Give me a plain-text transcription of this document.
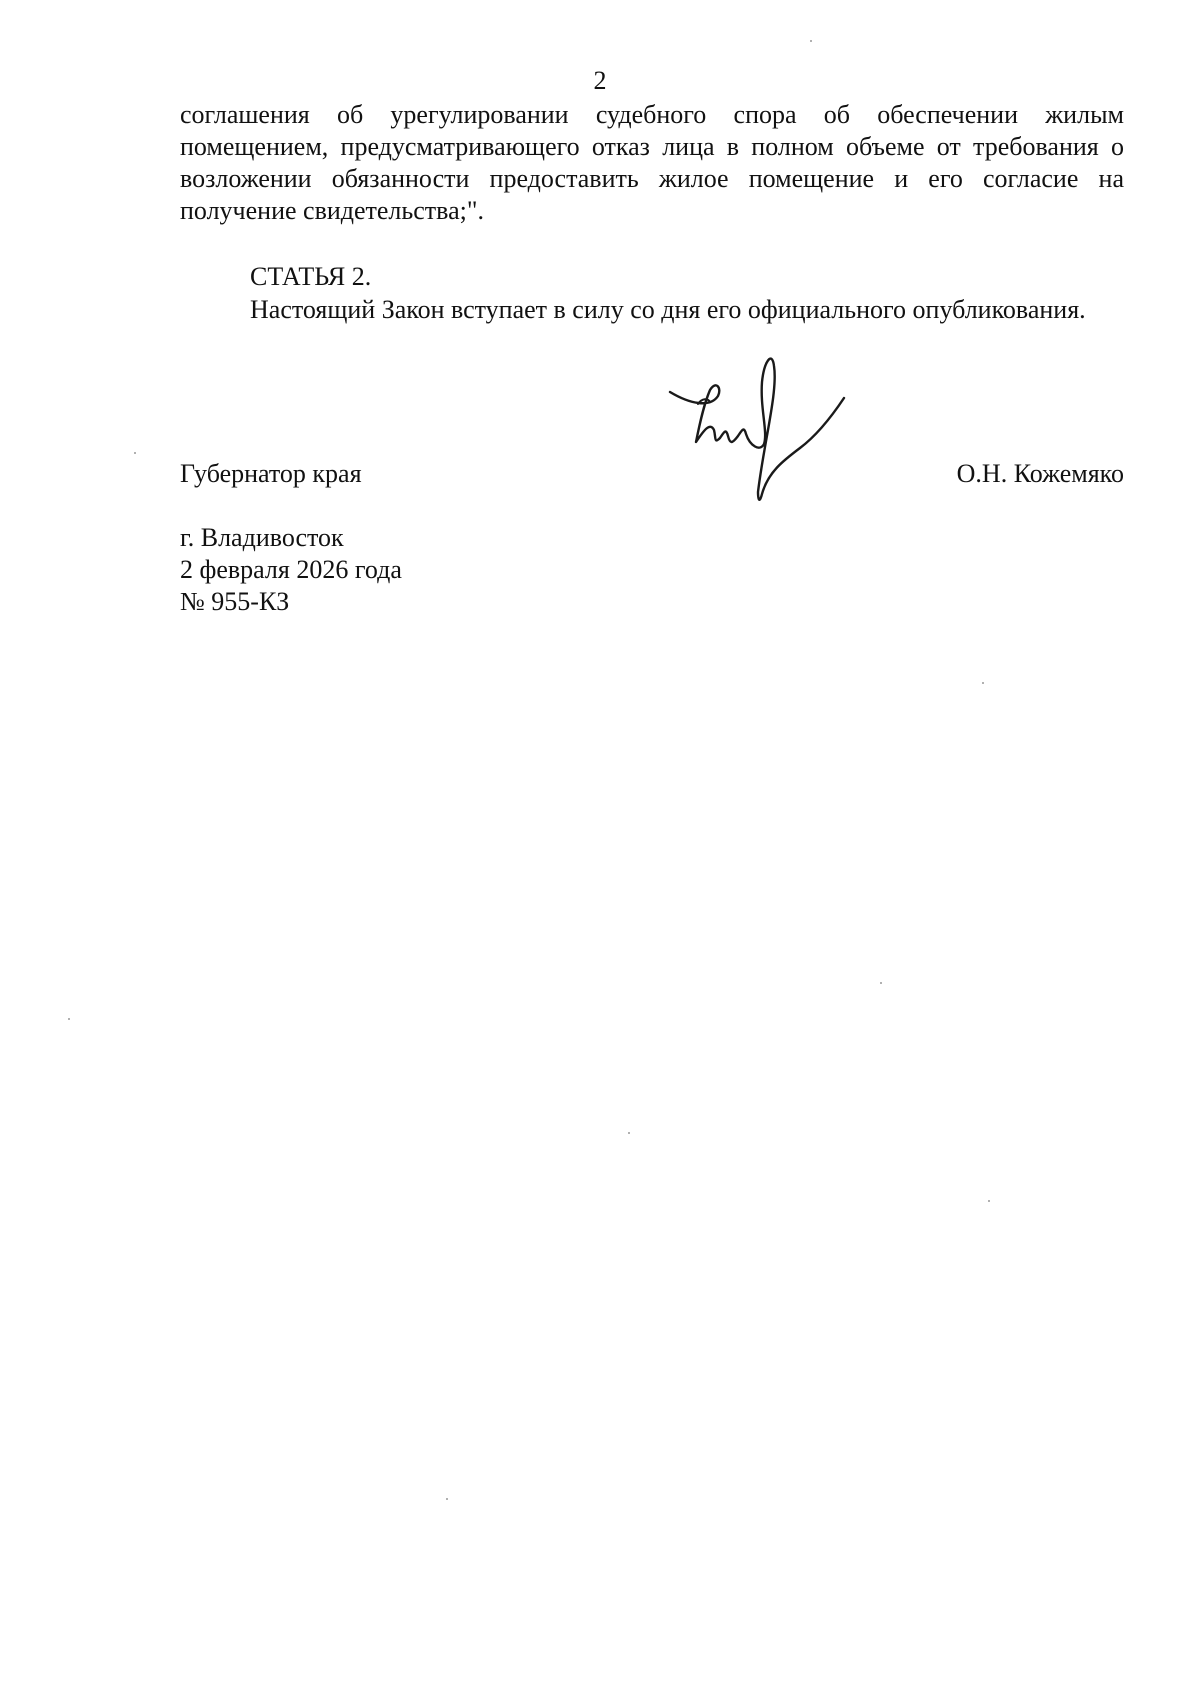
2
соглашения об урегулировании судебного спора об обеспечении жилым помещением, предусматривающего отказ лица в полном объеме от требования о возложении обязанности предоставить жилое помещение и его согласие на получение свидетельства;".
СТАТЬЯ 2.
Настоящий Закон вступает в силу со дня его официального опубликования.
Губернатор края	О.Н. Кожемяко
г. Владивосток
2 февраля 2026 года
№ 955-КЗ
